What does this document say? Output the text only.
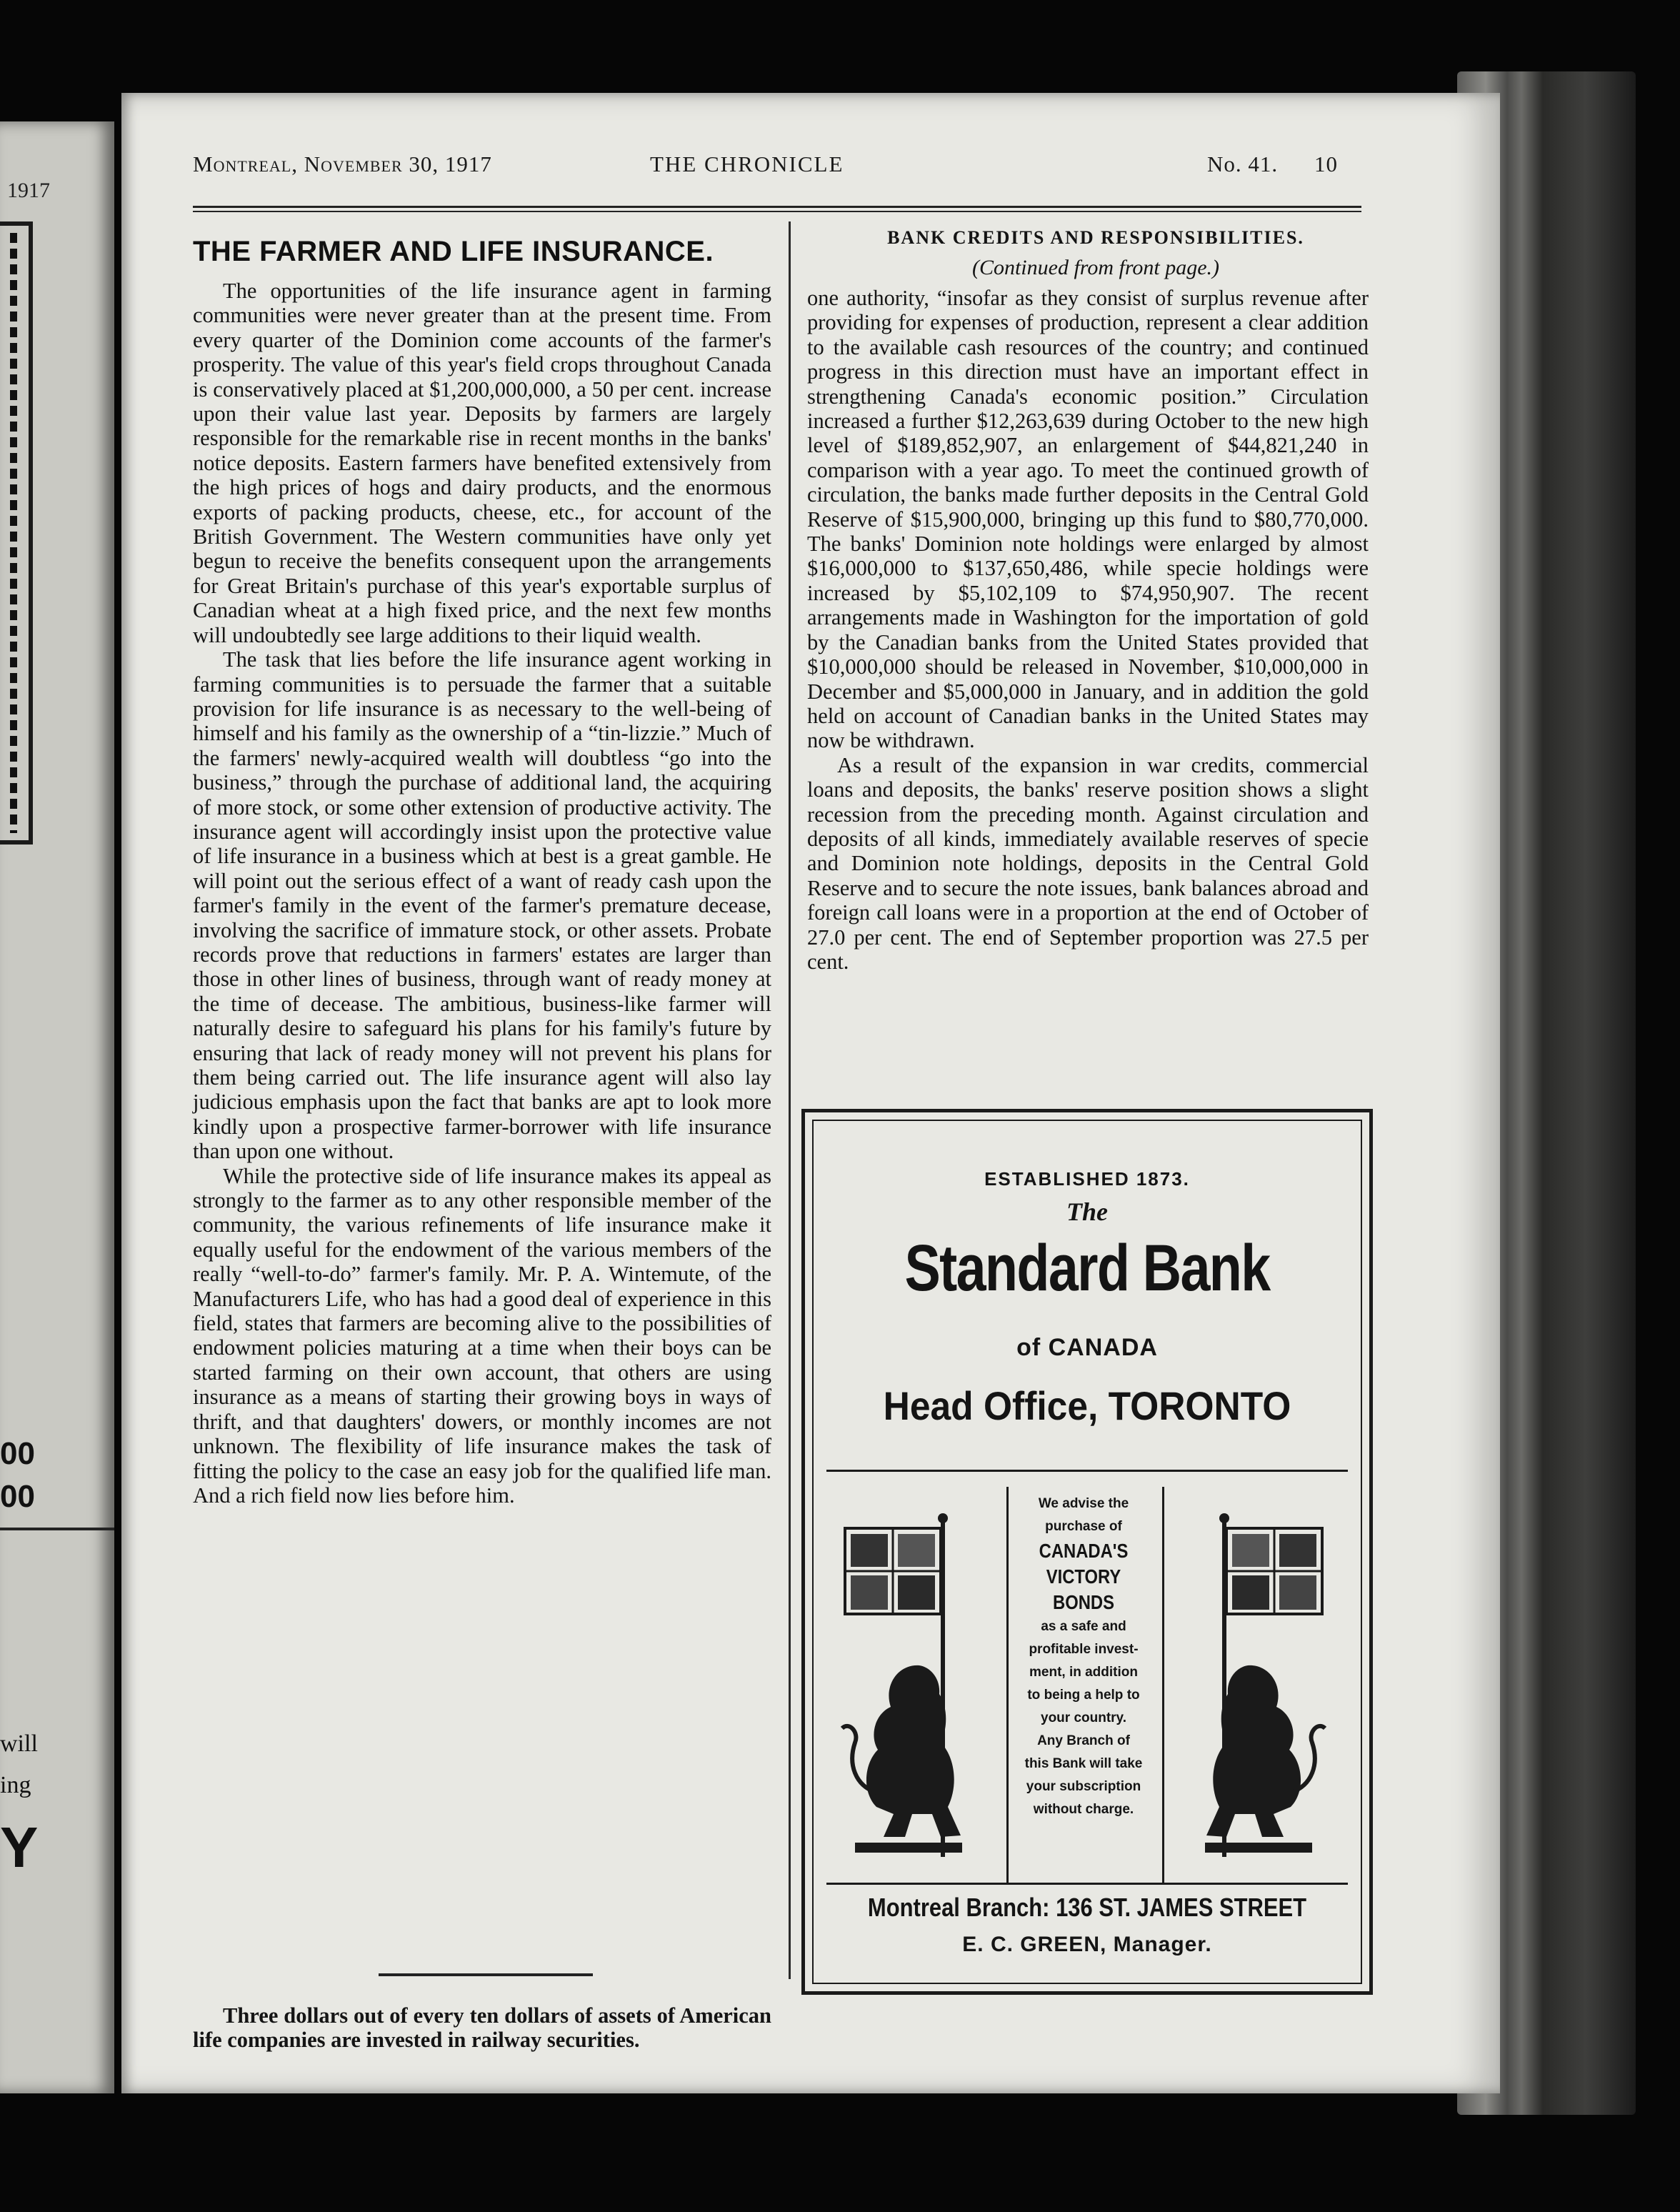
1917
00
00
will
ing
Y
Montreal, November 30, 1917	THE CHRONICLE	No. 41. 10
THE FARMER AND LIFE INSURANCE.

The opportunities of the life insurance agent in farming communities were never greater than at the present time. From every quarter of the Dominion come accounts of the farmer's prosperity. The value of this year's field crops throughout Canada is conservatively placed at $1,200,000,000, a 50 per cent. increase upon their value last year. Deposits by farmers are largely responsible for the remarkable rise in recent months in the banks' notice deposits. Eastern farmers have benefited extensively from the high prices of hogs and dairy products, and the enormous exports of packing products, cheese, etc., for account of the British Government. The Western communities have only yet begun to receive the benefits consequent upon the arrangements for Great Britain's purchase of this year's exportable surplus of Canadian wheat at a high fixed price, and the next few months will undoubtedly see large additions to their liquid wealth.

The task that lies before the life insurance agent working in farming communities is to persuade the farmer that a suitable provision for life insurance is as necessary to the well-being of himself and his family as the ownership of a “tin-lizzie.” Much of the farmers' newly-acquired wealth will doubtless “go into the business,” through the purchase of additional land, the acquiring of more stock, or some other extension of productive activity. The insurance agent will accordingly insist upon the protective value of life insurance in a business which at best is a great gamble. He will point out the serious effect of a want of ready cash upon the farmer's family in the event of the farmer's premature decease, involving the sacrifice of immature stock, or other assets. Probate records prove that reductions in farmers' estates are larger than those in other lines of business, through want of ready money at the time of decease. The ambitious, business-like farmer will naturally desire to safeguard his plans for his family's future by ensuring that lack of ready money will not prevent his plans for them being carried out. The life insurance agent will also lay judicious emphasis upon the fact that banks are apt to look more kindly upon a prospective farmer-borrower with life insurance than upon one without.

While the protective side of life insurance makes its appeal as strongly to the farmer as to any other responsible member of the community, the various refinements of life insurance make it equally useful for the endowment of the various members of the really “well-to-do” farmer's family. Mr. P. A. Wintemute, of the Manufacturers Life, who has had a good deal of experience in this field, states that farmers are becoming alive to the possibilities of endowment policies maturing at a time when their boys can be started farming on their own account, that others are using insurance as a means of starting their growing boys in ways of thrift, and that daughters' dowers, or monthly incomes are not unknown. The flexibility of life insurance makes the task of fitting the policy to the case an easy job for the qualified life man. And a rich field now lies before him.

Three dollars out of every ten dollars of assets of American life companies are invested in railway securities.
BANK CREDITS AND RESPONSIBILITIES.
(Continued from front page.)

one authority, “insofar as they consist of surplus revenue after providing for expenses of production, represent a clear addition to the available cash resources of the country; and continued progress in this direction must have an important effect in strengthening Canada's economic position.” Circulation increased a further $12,263,639 during October to the new high level of $189,852,907, an enlargement of $44,821,240 in comparison with a year ago. To meet the continued growth of circulation, the banks made further deposits in the Central Gold Reserve of $15,900,000, bringing up this fund to $80,770,000. The banks' Dominion note holdings were enlarged by almost $16,000,000 to $137,650,486, while specie holdings were increased by $5,102,109 to $74,950,907. The recent arrangements made in Washington for the importation of gold by the Canadian banks from the United States provided that $10,000,000 should be released in November, $10,000,000 in December and $5,000,000 in January, and in addition the gold held on account of Canadian banks in the United States may now be withdrawn.

As a result of the expansion in war credits, commercial loans and deposits, the banks' reserve position shows a slight recession from the preceding month. Against circulation and deposits of all kinds, immediately available reserves of specie and Dominion note holdings, deposits in the Central Gold Reserve and to secure the note issues, bank balances abroad and foreign call loans were in a proportion at the end of October of 27.0 per cent. The end of September proportion was 27.5 per cent.

ESTABLISHED 1873.
The
Standard Bank
of CANADA
Head Office, TORONTO
We advise the
purchase of
CANADA'S
VICTORY
BONDS
as a safe and
profitable invest-
ment, in addition
to being a help to
your country.
Any Branch of
this Bank will take
your subscription
without charge.
Montreal Branch: 136 ST. JAMES STREET
E. C. GREEN, Manager.
